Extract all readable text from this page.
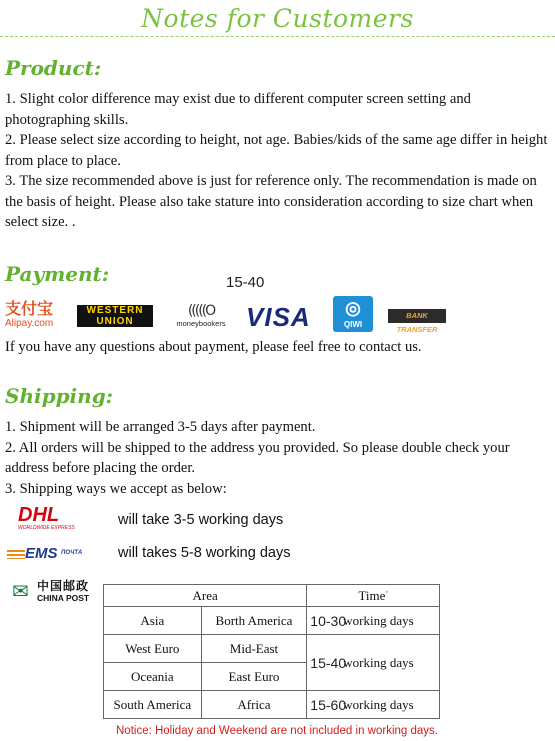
Notes for Customers
Product:

1. Slight color difference may exist due to different computer screen setting and photographing skills.

2. Please select size according to height, not age. Babies/kids of the same age differ in height from place to place.

3. The size recommended above is just for reference only. The recommendation is made on the basis of height. Please also take stature into consideration according to size chart when select size. .

Payment:	15-40
支付宝
Alipay.com
WESTERN
UNION
(((((O
moneybookers VISA	◎
QIWI
BANK TRANSFER
If you have any questions about payment, please feel free to contact us.
Shipping:

1. Shipment will be arranged 3-5 days after payment.

2. All orders will be shipped to the address you provided. So please double check your address before placing the order.

3. Shipping ways we accept as below:

DHL
WORLDWIDE EXPRESS	will take 3-5 working days
EMS ПОЧТА will takes 5-8 working days
✉ 中国邮政
CHINA POST	Area		Time◦
Asia	Borth America	10-30
working days
West Euro	Mid-East	15-40
working days
Oceania	East Euro	
South America	Africa	15-60
working days
Notice: Holiday and Weekend are not included in working days.
